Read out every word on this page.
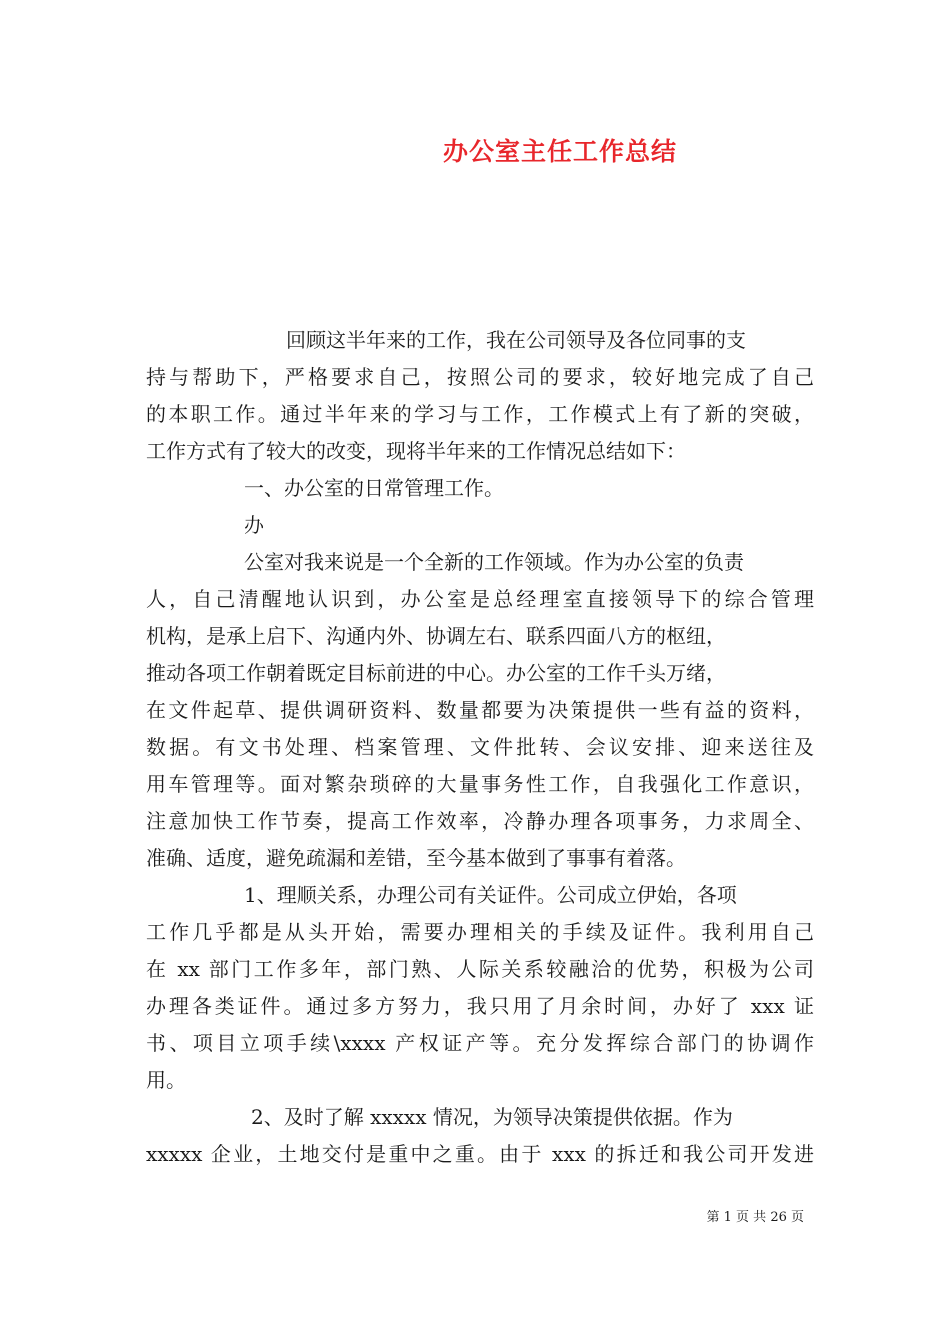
办公室主任工作总结
回顾这半年来的工作，我在公司领导及各位同事的支
持与帮助下，严格要求自己，按照公司的要求，较好地完成了自己
的本职工作。通过半年来的学习与工作，工作模式上有了新的突破，
工作方式有了较大的改变，现将半年来的工作情况总结如下：
一、办公室的日常管理工作。
办
公室对我来说是一个全新的工作领域。作为办公室的负责
人，自己清醒地认识到，办公室是总经理室直接领导下的综合管理
机构，是承上启下、沟通内外、协调左右、联系四面八方的枢纽，
推动各项工作朝着既定目标前进的中心。办公室的工作千头万绪，
在文件起草、提供调研资料、数量都要为决策提供一些有益的资料，
数据。有文书处理、档案管理、文件批转、会议安排、迎来送往及
用车管理等。面对繁杂琐碎的大量事务性工作，自我强化工作意识，
注意加快工作节奏，提高工作效率，冷静办理各项事务，力求周全、
准确、适度，避免疏漏和差错，至今基本做到了事事有着落。
1、理顺关系，办理公司有关证件。公司成立伊始，各项
工作几乎都是从头开始，需要办理相关的手续及证件。我利用自己
在 xx 部门工作多年，部门熟、人际关系较融洽的优势，积极为公司
办理各类证件。通过多方努力，我只用了月余时间，办好了 xxx 证
书、项目立项手续\xxxx 产权证产等。充分发挥综合部门的协调作
用。
2、及时了解 xxxxx 情况，为领导决策提供依据。作为
xxxxx 企业，土地交付是重中之重。由于 xxx 的拆迁和我公司开发进
第 1 页 共 26 页
